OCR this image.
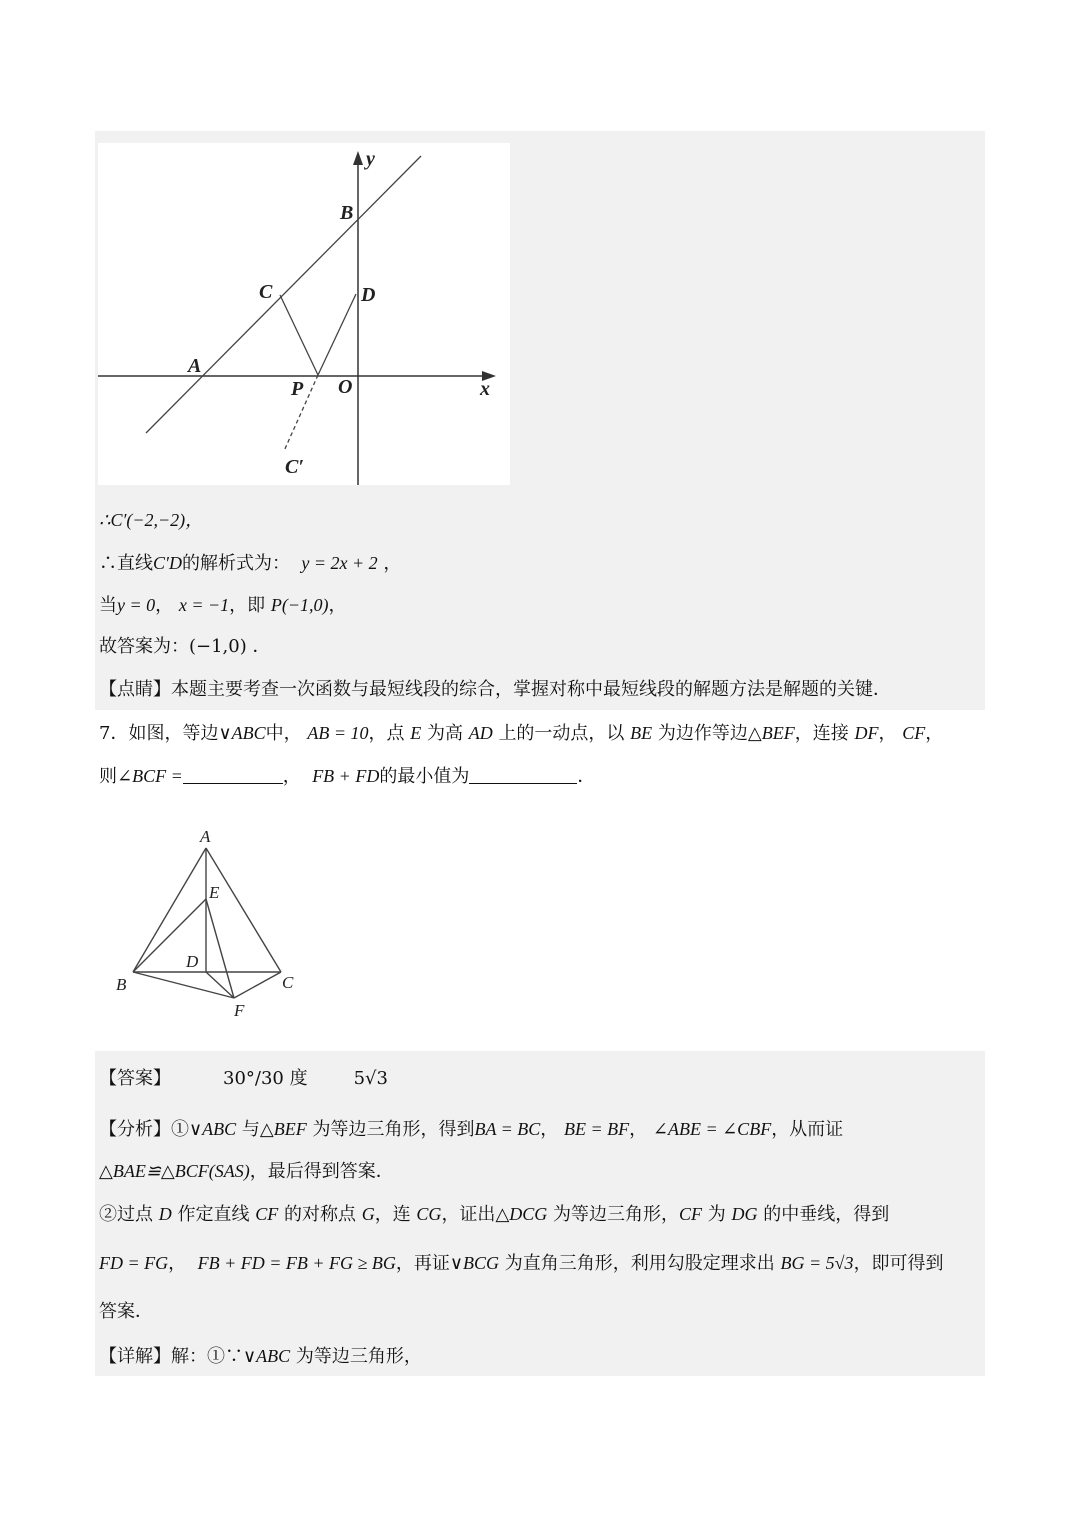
y
x
B
C	D
A
P O
C′
∴C′(−2,−2)，
∴直线C′D的解析式为： y = 2x + 2 ，
当y = 0， x = −1，即 P(−1,0)，
故答案为：(−1,0) ．
【点睛】本题主要考查一次函数与最短线段的综合，掌握对称中最短线段的解题方法是解题的关键．
7．如图，等边∨ABC中， AB = 10，点 E 为高 AD 上的一动点，以 BE 为边作等边△BEF，连接 DF， CF，
则∠BCF =	， FB + FD的最小值为	．
A
E
D
B	C
F
【答案】	30°/30 度	5√3
【分析】①∨ABC 与△BEF 为等边三角形，得到BA = BC， BE = BF， ∠ABE = ∠CBF，从而证
△BAE≌△BCF(SAS)，最后得到答案．
②过点 D 作定直线 CF 的对称点 G，连 CG，证出△DCG 为等边三角形，CF 为 DG 的中垂线，得到
FD = FG， FB + FD = FB + FG ≥ BG，再证∨BCG 为直角三角形，利用勾股定理求出 BG = 5√3，即可得到
答案．
【详解】解：①∵∨ABC 为等边三角形，
